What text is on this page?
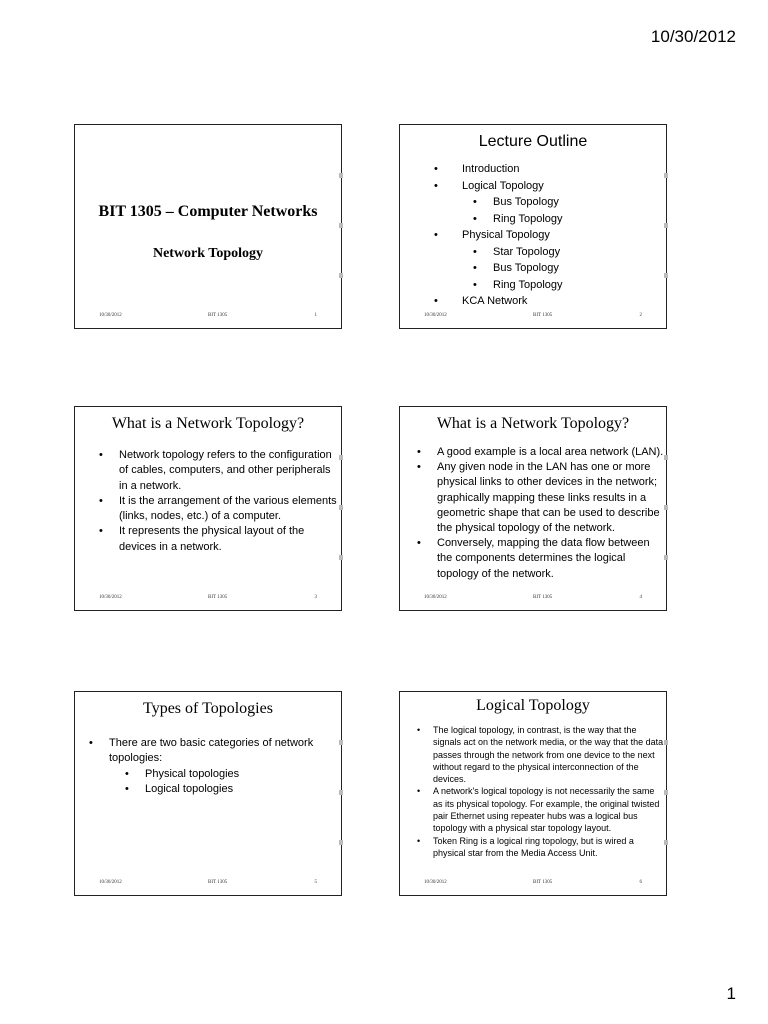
10/30/2012
BIT 1305 – Computer Networks
Network Topology
10/30/2012	BIT 1305	1
Lecture Outline
• Introduction
• Logical Topology
• Bus Topology
• Ring Topology
• Physical Topology
• Star Topology
• Bus Topology
• Ring Topology
• KCA Network
10/30/2012	BIT 1305	2
What is a Network Topology?
• Network topology refers to the configuration of cables, computers, and other peripherals in a network.
• It is the arrangement of the various elements (links, nodes, etc.) of a computer.
• It represents the physical layout of the devices in a network.
10/30/2012	BIT 1305	3
What is a Network Topology?
• A good example is a local area network (LAN).
• Any given node in the LAN has one or more physical links to other devices in the network; graphically mapping these links results in a geometric shape that can be used to describe the physical topology of the network.
• Conversely, mapping the data flow between the components determines the logical topology of the network.
10/30/2012	BIT 1305	4
Types of Topologies
• There are two basic categories of network topologies:
• Physical topologies
• Logical topologies
10/30/2012	BIT 1305	5
Logical Topology
• The logical topology, in contrast, is the way that the signals act on the network media, or the way that the data passes through the network from one device to the next without regard to the physical interconnection of the devices.
• A network's logical topology is not necessarily the same as its physical topology. For example, the original twisted pair Ethernet using repeater hubs was a logical bus topology with a physical star topology layout.
• Token Ring is a logical ring topology, but is wired a physical star from the Media Access Unit.
10/30/2012	BIT 1305	6
1
